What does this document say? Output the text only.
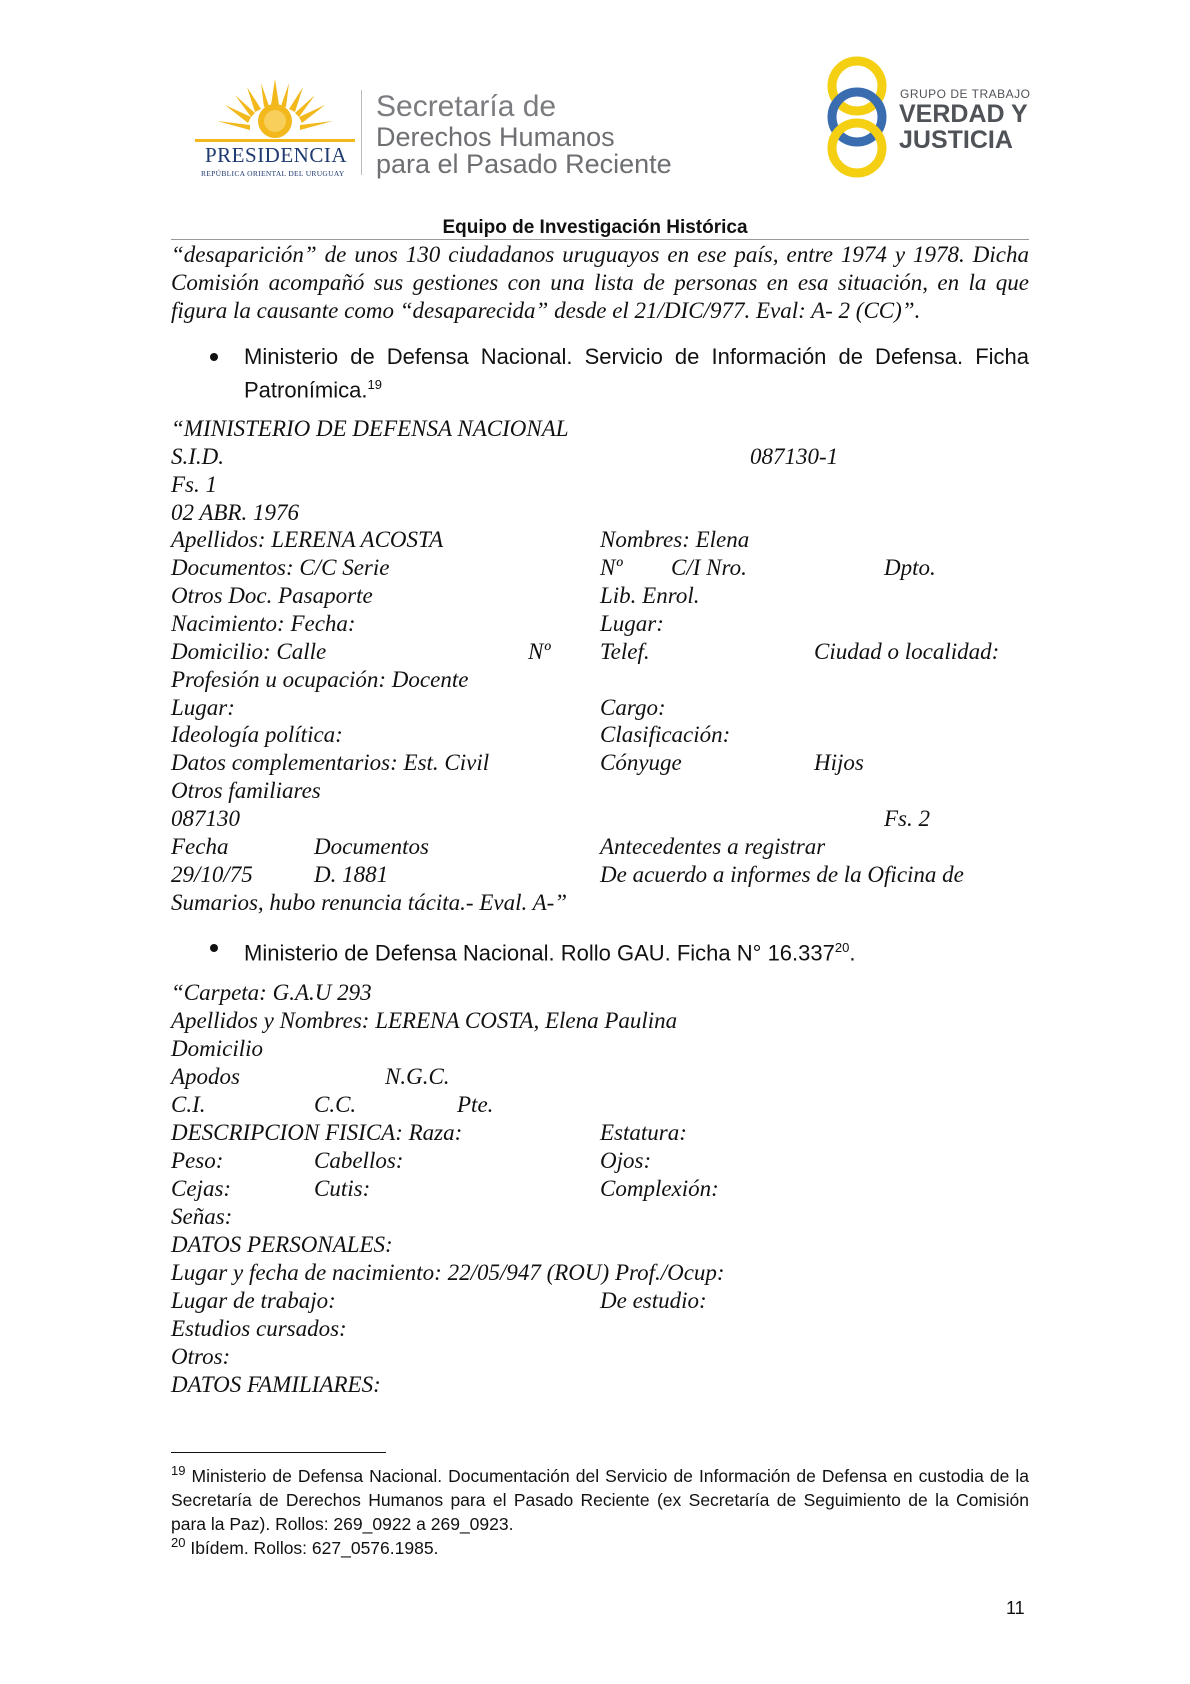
PRESIDENCIA
REPÚBLICA ORIENTAL DEL URUGUAY
Secretaría de
Derechos Humanos
para el Pasado Reciente
GRUPO DE TRABAJO
VERDAD Y
JUSTICIA
Equipo de Investigación Histórica
“desaparición” de unos 130 ciudadanos uruguayos en ese país, entre 1974 y 1978. Dicha Comisión acompañó sus gestiones con una lista de personas en esa situación, en la que figura la causante como “desaparecida” desde el 21/DIC/977. Eval: A- 2 (CC)”.
Ministerio de Defensa Nacional. Servicio de Información de Defensa. Ficha Patronímica.$^{19}$
“MINISTERIO DE DEFENSA NACIONAL
S.I.D.	087130-1
Fs. 1
02 ABR. 1976
Apellidos: LERENA ACOSTA	Nombres: Elena
Documentos: C/C Serie	Nº C/I Nro.	Dpto.
Otros Doc. Pasaporte	Lib. Enrol.
Nacimiento: Fecha:	Lugar:
Domicilio: Calle	Nº Telef.	Ciudad o localidad:
Profesión u ocupación: Docente
Lugar:	Cargo:
Ideología política:	Clasificación:
Datos complementarios: Est. Civil	Cónyuge	Hijos
Otros familiares
087130	Fs. 2
Fecha	Documentos	Antecedentes a registrar
29/10/75	D. 1881	De acuerdo a informes de la Oficina de
Sumarios, hubo renuncia tácita.- Eval. A-”
Ministerio de Defensa Nacional. Rollo GAU. Ficha N° 16.337$^{20}$.
“Carpeta: G.A.U 293
Apellidos y Nombres: LERENA COSTA, Elena Paulina
Domicilio
Apodos	N.G.C.
C.I.	C.C.	Pte.
DESCRIPCION FISICA: Raza:	Estatura:
Peso:	Cabellos:	Ojos:
Cejas:	Cutis:	Complexión:
Señas:
DATOS PERSONALES:
Lugar y fecha de nacimiento: 22/05/947 (ROU) Prof./Ocup:
Lugar de trabajo:	De estudio:
Estudios cursados:
Otros:
DATOS FAMILIARES:
$^{19}$ Ministerio de Defensa Nacional. Documentación del Servicio de Información de Defensa en custodia de la Secretaría de Derechos Humanos para el Pasado Reciente (ex Secretaría de Seguimiento de la Comisión para la Paz). Rollos: 269_0922 a 269_0923.
$^{20}$ Ibídem. Rollos: 627_0576.1985.
11
